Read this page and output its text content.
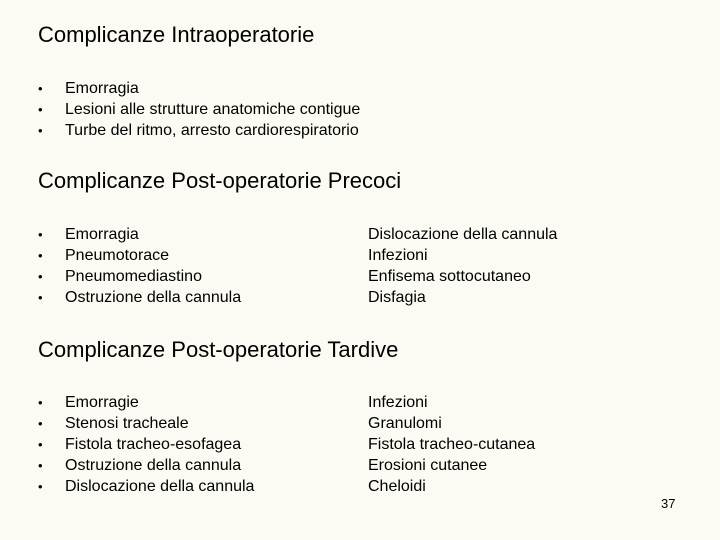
Complicanze Intraoperatorie
• Emorragia
• Lesioni alle strutture anatomiche contigue
• Turbe del ritmo, arresto cardiorespiratorio
Complicanze Post-operatorie Precoci
• Emorragia
• Pneumotorace
• Pneumomediastino
• Ostruzione della cannula
Dislocazione della cannula
Infezioni
Enfisema sottocutaneo
Disfagia
Complicanze Post-operatorie Tardive
• Emorragie
• Stenosi tracheale
• Fistola tracheo-esofagea
• Ostruzione della cannula
• Dislocazione della cannula
Infezioni
Granulomi
Fistola tracheo-cutanea
Erosioni cutanee
Cheloidi
37
